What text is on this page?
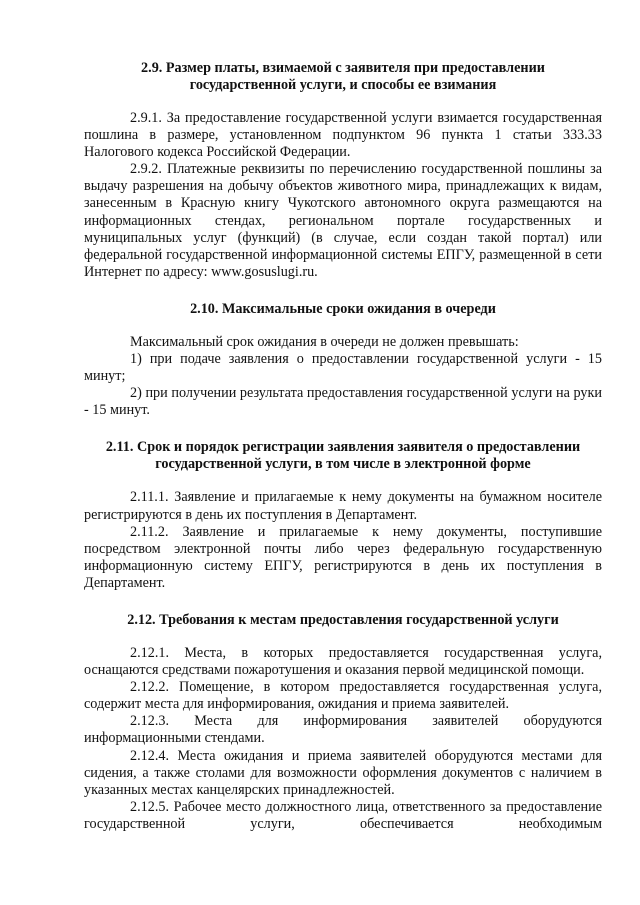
2.9. Размер платы, взимаемой с заявителя при предоставлении
государственной услуги, и способы ее взимания

2.9.1. За предоставление государственной услуги взимается государственная пошлина в размере, установленном подпунктом 96 пункта 1 статьи 333.33 Налогового кодекса Российской Федерации.

2.9.2. Платежные реквизиты по перечислению государственной пошлины за выдачу разрешения на добычу объектов животного мира, принадлежащих к видам, занесенным в Красную книгу Чукотского автономного округа размещаются на информационных стендах, региональном портале государственных и муниципальных услуг (функций) (в случае, если создан такой портал) или федеральной государственной информационной системы ЕПГУ, размещенной в сети Интернет по адресу: www.gosuslugi.ru.

2.10. Максимальные сроки ожидания в очереди

Максимальный срок ожидания в очереди не должен превышать:

1) при подаче заявления о предоставлении государственной услуги - 15 минут;

2) при получении результата предоставления государственной услуги на руки - 15 минут.

2.11. Срок и порядок регистрации заявления заявителя о предоставлении
государственной услуги, в том числе в электронной форме

2.11.1. Заявление и прилагаемые к нему документы на бумажном носителе регистрируются в день их поступления в Департамент.

2.11.2. Заявление и прилагаемые к нему документы, поступившие посредством электронной почты либо через федеральную государственную информационную систему ЕПГУ, регистрируются в день их поступления в Департамент.

2.12. Требования к местам предоставления государственной услуги

2.12.1. Места, в которых предоставляется государственная услуга, оснащаются средствами пожаротушения и оказания первой медицинской помощи.

2.12.2. Помещение, в котором предоставляется государственная услуга, содержит места для информирования, ожидания и приема заявителей.

2.12.3. Места для информирования заявителей оборудуются информационными стендами.

2.12.4. Места ожидания и приема заявителей оборудуются местами для сидения, а также столами для возможности оформления документов с наличием в указанных местах канцелярских принадлежностей.

2.12.5. Рабочее место должностного лица, ответственного за предоставление государственной услуги, обеспечивается необходимым
